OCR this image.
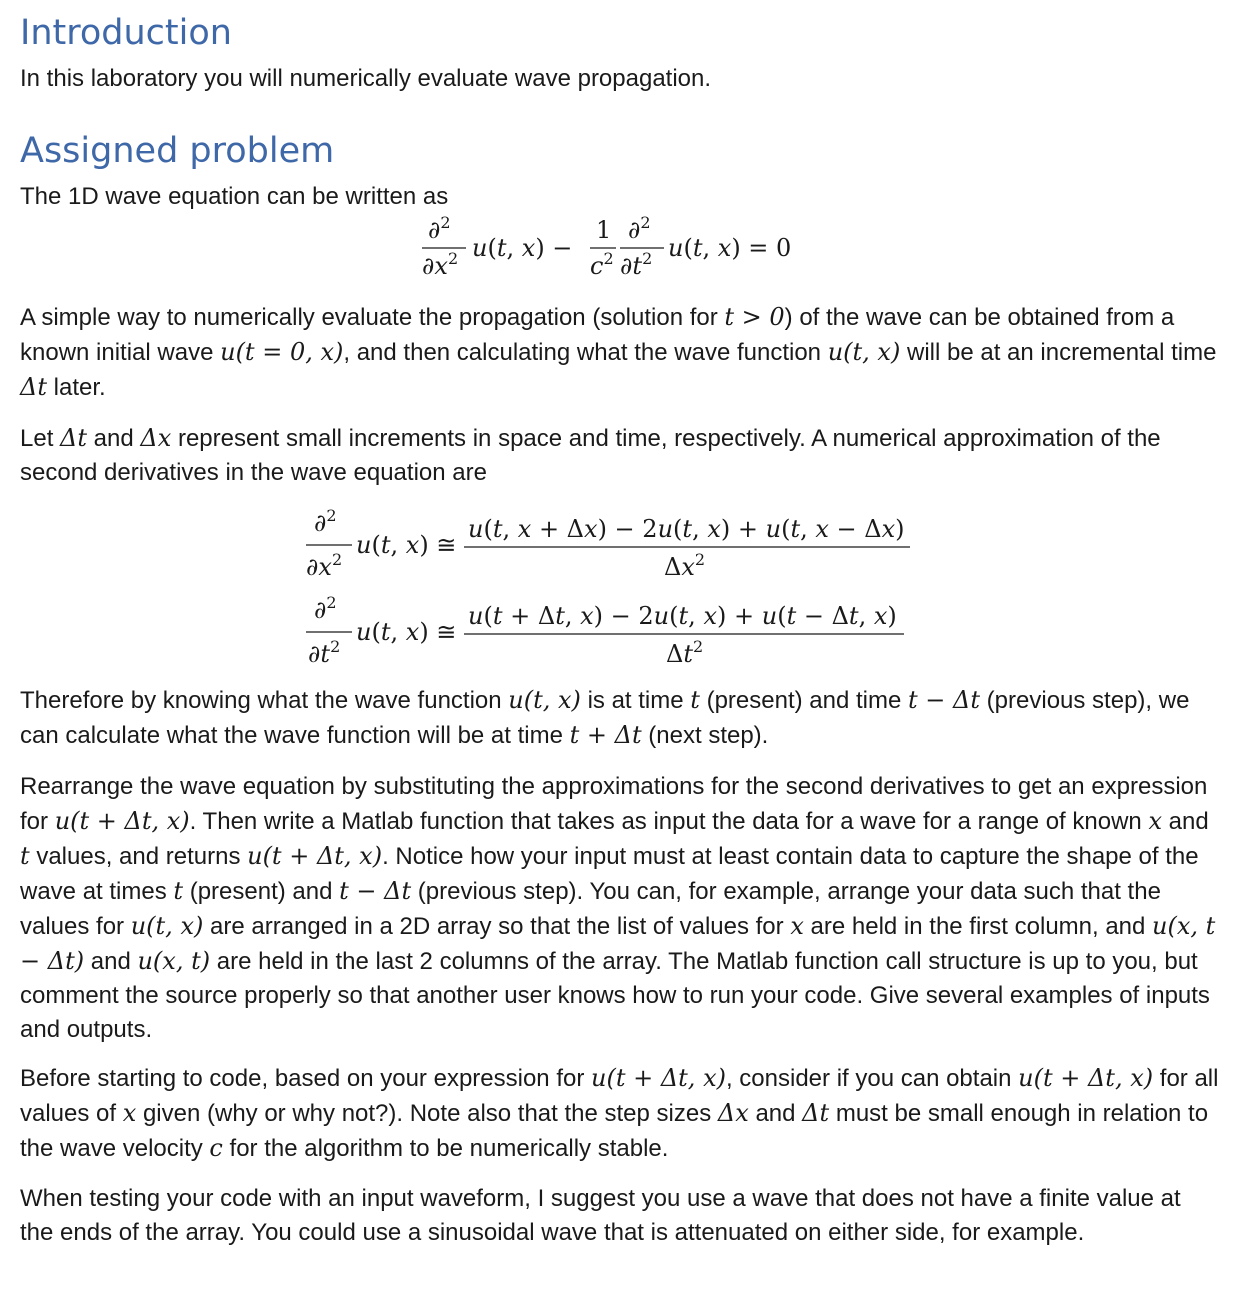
Introduction

In this laboratory you will numerically evaluate wave propagation.

Assigned problem

The 1D wave equation can be written as

∂$^2$
$\partial x^2$ u(t, x) −
1
$c^2$
∂$^2$
$\partial t^2$ u(t, x) = 0

A simple way to numerically evaluate the propagation (solution for t > 0) of the wave can be obtained from a known initial wave u(t = 0, x), and then calculating what the wave function u(t, x) will be at an incremental time Δt later.

Let Δt and Δx represent small increments in space and time, respectively. A numerical approximation of the second derivatives in the wave equation are

∂$^2$
$\partial x^2$
u(t, x) ≅
u(t, x + Δx) − 2u(t, x) + u(t, x − Δx)
$\Delta x^2$
∂$^2$
$\partial t^2$
u(t, x) ≅
u(t + Δt, x) − 2u(t, x) + u(t − Δt, x)
$\Delta t^2$

Therefore by knowing what the wave function u(t, x) is at time t (present) and time t − Δt (previous step), we can calculate what the wave function will be at time t + Δt (next step).

Rearrange the wave equation by substituting the approximations for the second derivatives to get an expression for u(t + Δt, x). Then write a Matlab function that takes as input the data for a wave for a range of known x and t values, and returns u(t + Δt, x). Notice how your input must at least contain data to capture the shape of the wave at times t (present) and t − Δt (previous step). You can, for example, arrange your data such that the values for u(t, x) are arranged in a 2D array so that the list of values for x are held in the first column, and u(x, t − Δt) and u(x, t) are held in the last 2 columns of the array. The Matlab function call structure is up to you, but comment the source properly so that another user knows how to run your code. Give several examples of inputs and outputs.

Before starting to code, based on your expression for u(t + Δt, x), consider if you can obtain u(t + Δt, x) for all values of x given (why or why not?). Note also that the step sizes Δx and Δt must be small enough in relation to the wave velocity c for the algorithm to be numerically stable.

When testing your code with an input waveform, I suggest you use a wave that does not have a finite value at the ends of the array. You could use a sinusoidal wave that is attenuated on either side, for example.
